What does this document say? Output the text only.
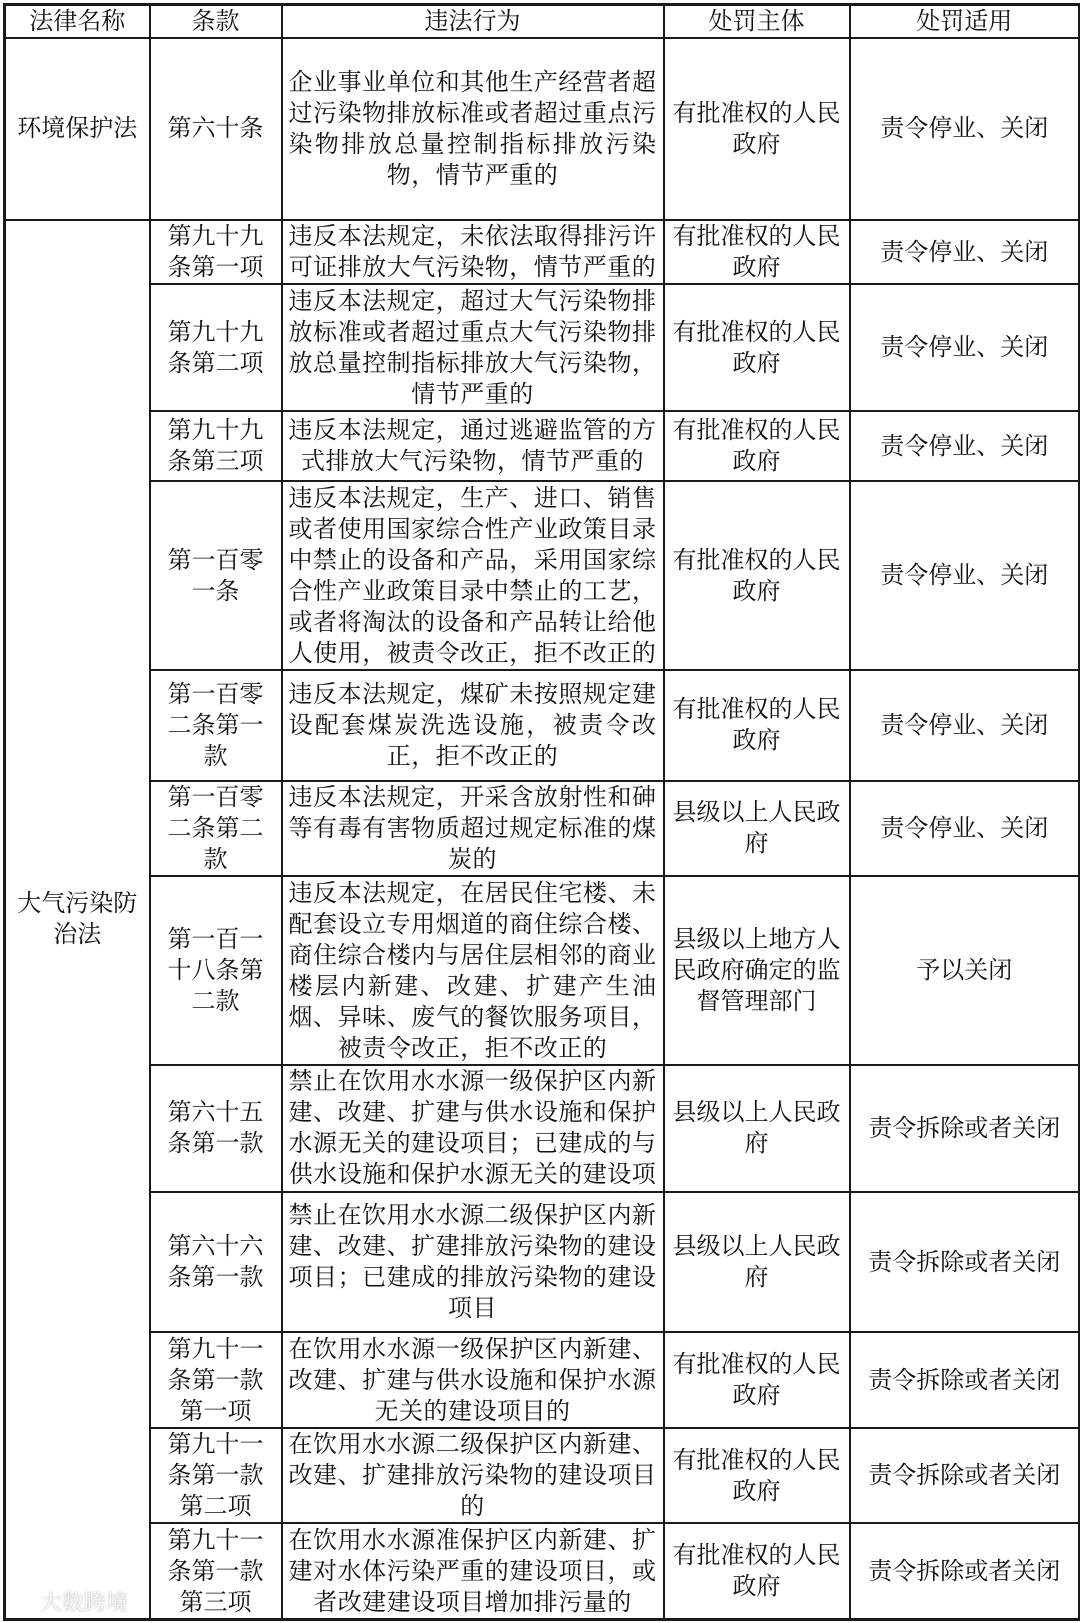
法律名称	条款	违法行为	处罚主体	处罚适用
环境保护法	第六十条	企业事业单位和其他生产经营者超过污染物排放标准或者超过重点污染物排放总量控制指标排放污染物，情节严重的	有批准权的人民政府	责令停业、关闭
大气污染防治法	第九十九条第一项	违反本法规定，未依法取得排污许可证排放大气污染物，情节严重的	有批准权的人民政府	责令停业、关闭
	第九十九条第二项	违反本法规定，超过大气污染物排放标准或者超过重点大气污染物排放总量控制指标排放大气污染物，情节严重的	有批准权的人民政府	责令停业、关闭
	第九十九条第三项	违反本法规定，通过逃避监管的方式排放大气污染物，情节严重的	有批准权的人民政府	责令停业、关闭
	第一百零一条	违反本法规定，生产、进口、销售或者使用国家综合性产业政策目录中禁止的设备和产品，采用国家综合性产业政策目录中禁止的工艺，或者将淘汰的设备和产品转让给他人使用，被责令改正，拒不改正的	有批准权的人民政府	责令停业、关闭
	第一百零二条第一款	违反本法规定，煤矿未按照规定建设配套煤炭洗选设施，被责令改正，拒不改正的	有批准权的人民政府	责令停业、关闭
	第一百零二条第二款	违反本法规定，开采含放射性和砷等有毒有害物质超过规定标准的煤炭的	县级以上人民政府	责令停业、关闭
	第一百一十八条第二款	违反本法规定，在居民住宅楼、未配套设立专用烟道的商住综合楼、商住综合楼内与居住层相邻的商业楼层内新建、改建、扩建产生油烟、异味、废气的餐饮服务项目，被责令改正，拒不改正的	县级以上地方人民政府确定的监督管理部门	予以关闭
	第六十五条第一款	禁止在饮用水水源一级保护区内新建、改建、扩建与供水设施和保护水源无关的建设项目；已建成的与供水设施和保护水源无关的建设项	县级以上人民政府	责令拆除或者关闭
	第六十六条第一款	禁止在饮用水水源二级保护区内新建、改建、扩建排放污染物的建设项目；已建成的排放污染物的建设项目	县级以上人民政府	责令拆除或者关闭
	第九十一条第一款第一项	在饮用水水源一级保护区内新建、改建、扩建与供水设施和保护水源无关的建设项目的	有批准权的人民政府	责令拆除或者关闭
	第九十一条第一款第二项	在饮用水水源二级保护区内新建、改建、扩建排放污染物的建设项目的	有批准权的人民政府	责令拆除或者关闭
	第九十一条第一款第三项	在饮用水水源准保护区内新建、扩建对水体污染严重的建设项目，或者改建建设项目增加排污量的	有批准权的人民政府	责令拆除或者关闭
大数跨境
